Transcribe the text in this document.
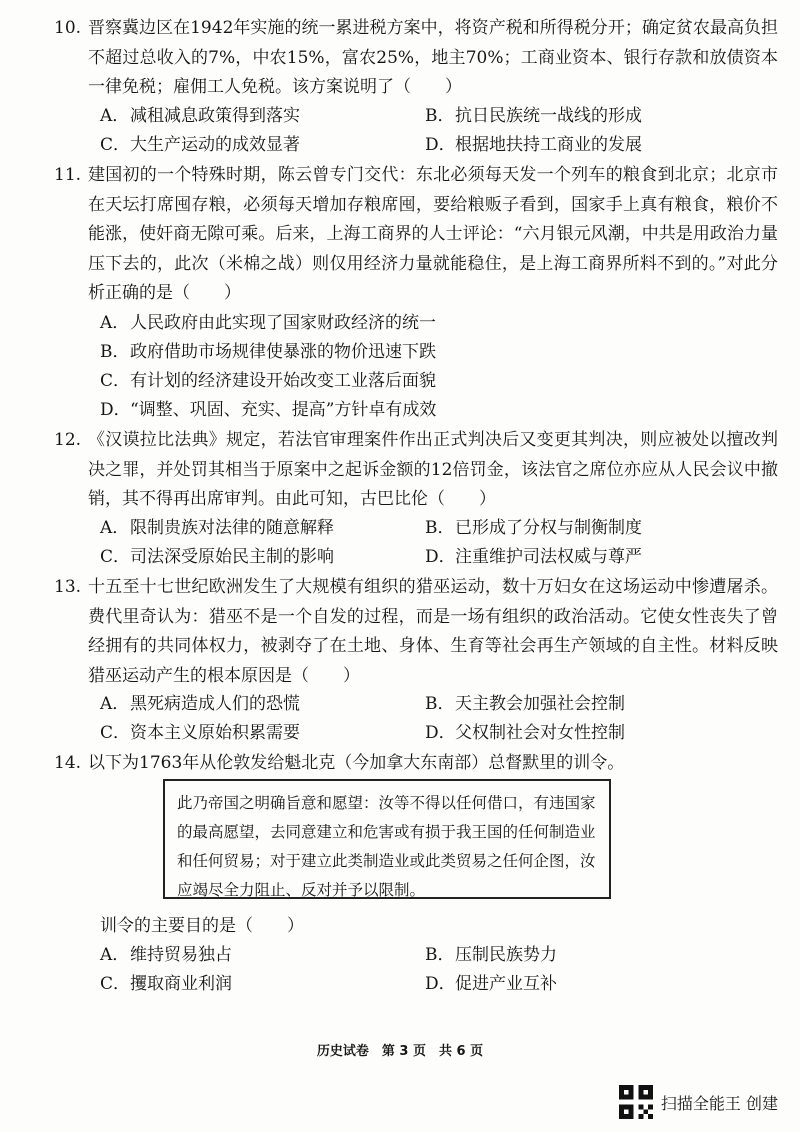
10. 晋察冀边区在1942年实施的统一累进税方案中，将资产税和所得税分开；确定贫农最高负担不超过总收入的7%，中农15%，富农25%，地主70%；工商业资本、银行存款和放债资本一律免税；雇佣工人免税。该方案说明了（　　）

A．减租减息政策得到落实	B．抗日民族统一战线的形成
C．大生产运动的成效显著	D．根据地扶持工商业的发展
11. 建国初的一个特殊时期，陈云曾专门交代：东北必须每天发一个列车的粮食到北京；北京市在天坛打席囤存粮，必须每天增加存粮席囤，要给粮贩子看到，国家手上真有粮食，粮价不能涨，使奸商无隙可乘。后来，上海工商界的人士评论：“六月银元风潮，中共是用政治力量压下去的，此次（米棉之战）则仅用经济力量就能稳住，是上海工商界所料不到的。”对此分析正确的是（　　）

A．人民政府由此实现了国家财政经济的统一
B．政府借助市场规律使暴涨的物价迅速下跌
C．有计划的经济建设开始改变工业落后面貌
D．“调整、巩固、充实、提高”方针卓有成效
12. 《汉谟拉比法典》规定，若法官审理案件作出正式判决后又变更其判决，则应被处以擅改判决之罪，并处罚其相当于原案中之起诉金额的12倍罚金，该法官之席位亦应从人民会议中撤销，其不得再出席审判。由此可知，古巴比伦（　　）

A．限制贵族对法律的随意解释	B．已形成了分权与制衡制度
C．司法深受原始民主制的影响	D．注重维护司法权威与尊严
13. 十五至十七世纪欧洲发生了大规模有组织的猎巫运动，数十万妇女在这场运动中惨遭屠杀。费代里奇认为：猎巫不是一个自发的过程，而是一场有组织的政治活动。它使女性丧失了曾经拥有的共同体权力，被剥夺了在土地、身体、生育等社会再生产领域的自主性。材料反映猎巫运动产生的根本原因是（　　）

A．黑死病造成人们的恐慌	B．天主教会加强社会控制
C．资本主义原始积累需要	D．父权制社会对女性控制
14. 以下为1763年从伦敦发给魁北克（今加拿大东南部）总督默里的训令。

此乃帝国之明确旨意和愿望：汝等不得以任何借口，有违国家的最高愿望，去同意建立和危害或有损于我王国的任何制造业和任何贸易；对于建立此类制造业或此类贸易之任何企图，汝应竭尽全力阻止、反对并予以限制。
训令的主要目的是（　　）
A．维持贸易独占	B．压制民族势力
C．攫取商业利润	D．促进产业互补
历史试卷　第 3 页　共 6 页
扫描全能王 创建
